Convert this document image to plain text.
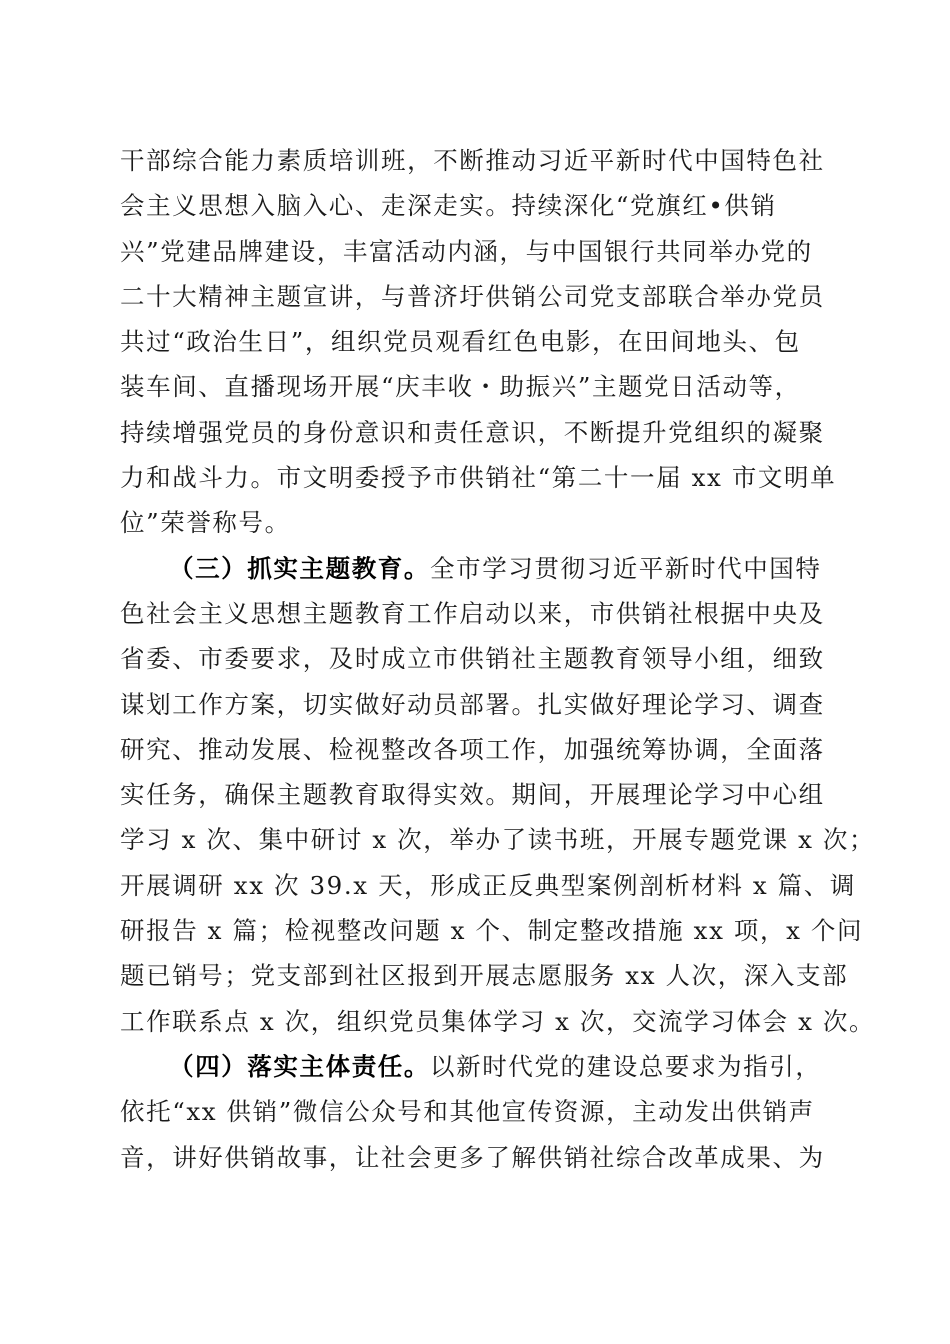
干部综合能力素质培训班，不断推动习近平新时代中国特色社
会主义思想入脑入心、走深走实。持续深化“党旗红•供销
兴”党建品牌建设，丰富活动内涵，与中国银行共同举办党的
二十大精神主题宣讲，与普济圩供销公司党支部联合举办党员
共过“政治生日”，组织党员观看红色电影，在田间地头、包
装车间、直播现场开展“庆丰收・助振兴”主题党日活动等，
持续增强党员的身份意识和责任意识，不断提升党组织的凝聚
力和战斗力。市文明委授予市供销社“第二十一届 xx 市文明单
位”荣誉称号。
（三）抓实主题教育。全市学习贯彻习近平新时代中国特
色社会主义思想主题教育工作启动以来，市供销社根据中央及
省委、市委要求，及时成立市供销社主题教育领导小组，细致
谋划工作方案，切实做好动员部署。扎实做好理论学习、调查
研究、推动发展、检视整改各项工作，加强统筹协调，全面落
实任务，确保主题教育取得实效。期间，开展理论学习中心组
学习 x 次、集中研讨 x 次，举办了读书班，开展专题党课 x 次；
开展调研 xx 次 39.x 天，形成正反典型案例剖析材料 x 篇、调
研报告 x 篇；检视整改问题 x 个、制定整改措施 xx 项，x 个问
题已销号；党支部到社区报到开展志愿服务 xx 人次，深入支部
工作联系点 x 次，组织党员集体学习 x 次，交流学习体会 x 次。
（四）落实主体责任。以新时代党的建设总要求为指引，
依托“xx 供销”微信公众号和其他宣传资源，主动发出供销声
音，讲好供销故事，让社会更多了解供销社综合改革成果、为
